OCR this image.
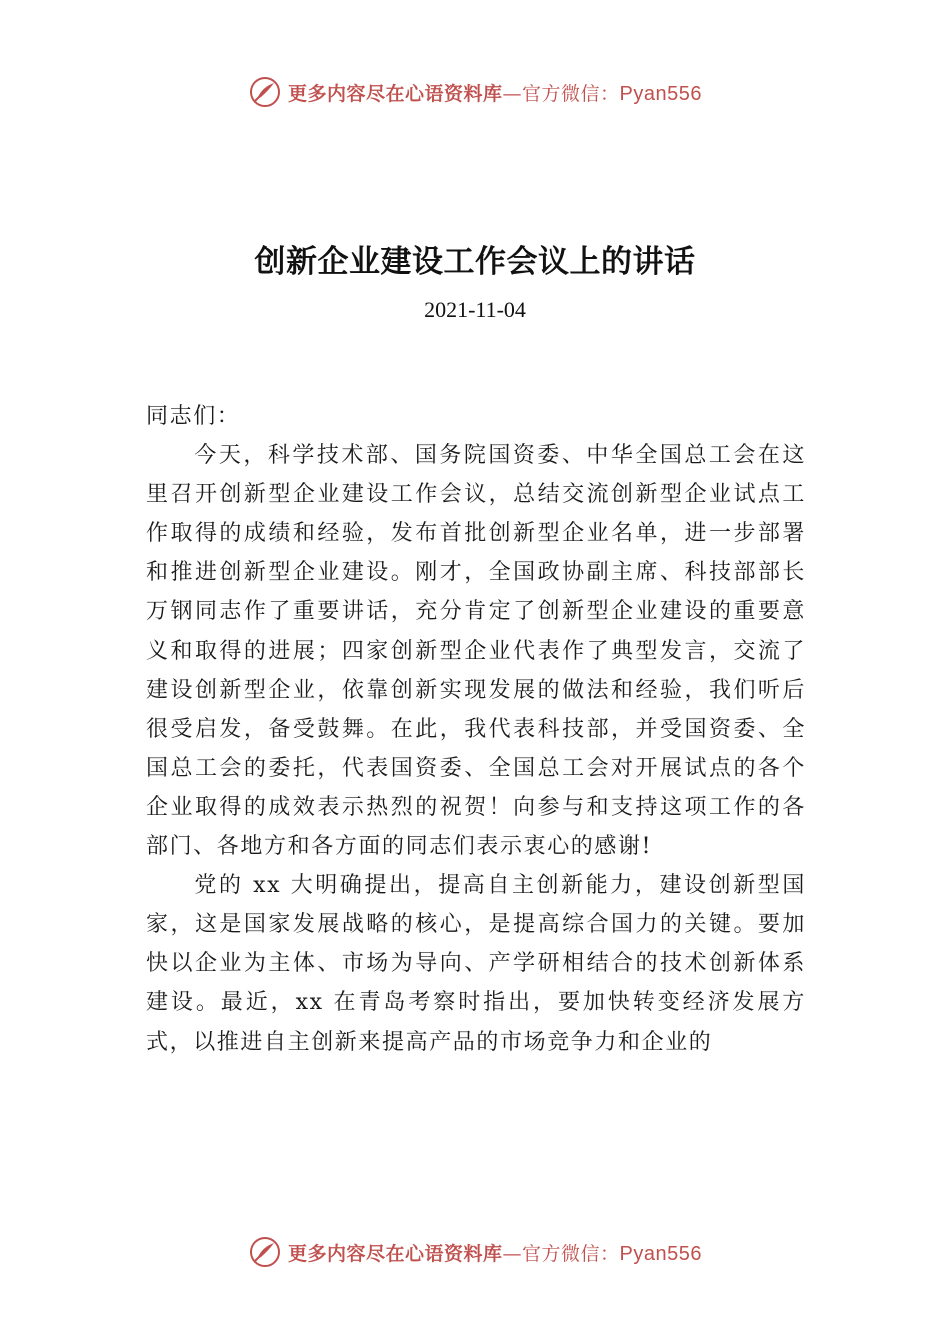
更多内容尽在心语资料库—官方微信：Pyan556
创新企业建设工作会议上的讲话
2021-11-04

同志们：

今天，科学技术部、国务院国资委、中华全国总工会在这里召开创新型企业建设工作会议，总结交流创新型企业试点工作取得的成绩和经验，发布首批创新型企业名单，进一步部署和推进创新型企业建设。刚才，全国政协副主席、科技部部长万钢同志作了重要讲话，充分肯定了创新型企业建设的重要意义和取得的进展；四家创新型企业代表作了典型发言，交流了建设创新型企业，依靠创新实现发展的做法和经验，我们听后很受启发，备受鼓舞。在此，我代表科技部，并受国资委、全国总工会的委托，代表国资委、全国总工会对开展试点的各个企业取得的成效表示热烈的祝贺！向参与和支持这项工作的各部门、各地方和各方面的同志们表示衷心的感谢!

党的 xx 大明确提出，提高自主创新能力，建设创新型国家，这是国家发展战略的核心，是提高综合国力的关键。要加快以企业为主体、市场为导向、产学研相结合的技术创新体系建设。最近，xx 在青岛考察时指出，要加快转变经济发展方式，以推进自主创新来提高产品的市场竞争力和企业的

更多内容尽在心语资料库—官方微信：Pyan556
